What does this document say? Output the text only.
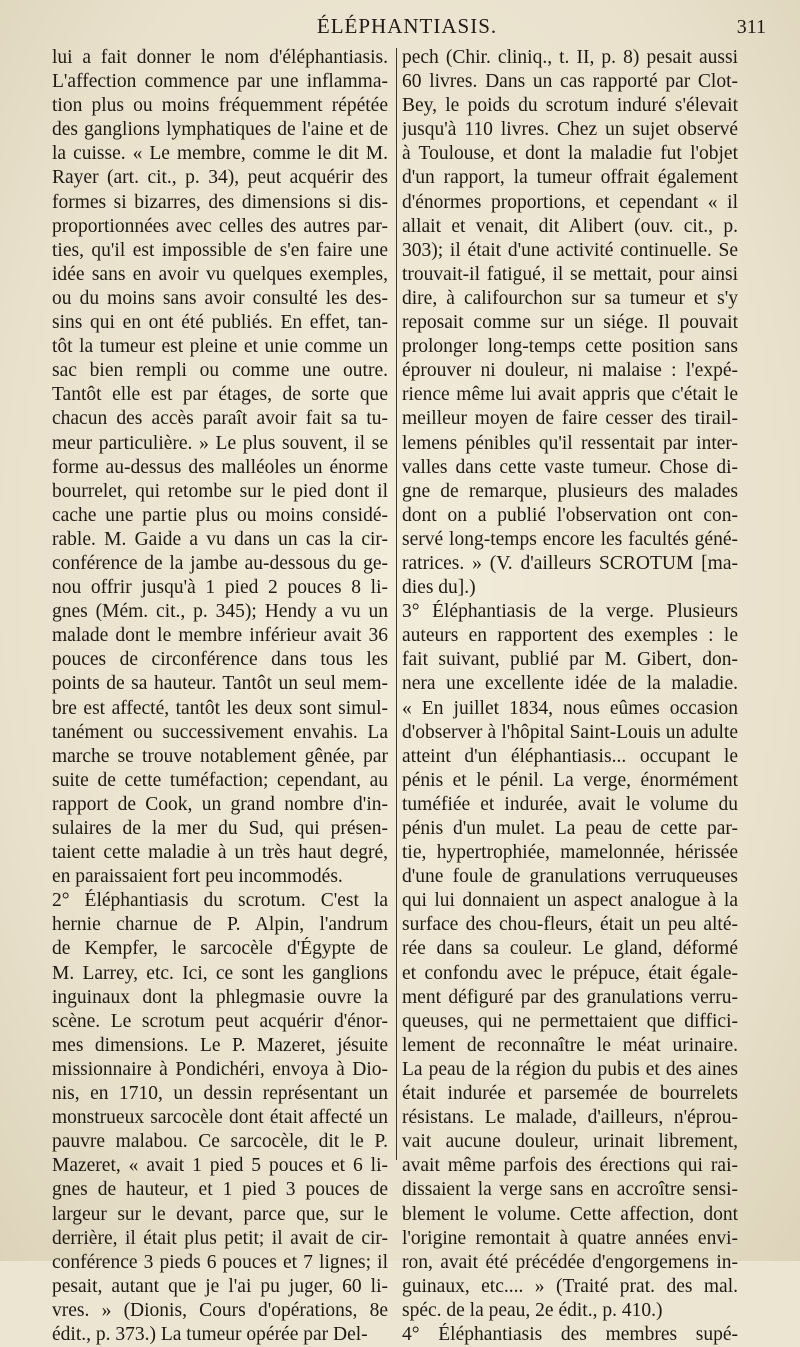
ÉLÉPHANTIASIS.	311
lui a fait donner le nom d'éléphantiasis.
L'affection commence par une inflamma-
tion plus ou moins fréquemment répétée
des ganglions lymphatiques de l'aine et de
la cuisse. « Le membre, comme le dit M.
Rayer (art. cit., p. 34), peut acquérir des
formes si bizarres, des dimensions si dis-
proportionnées avec celles des autres par-
ties, qu'il est impossible de s'en faire une
idée sans en avoir vu quelques exemples,
ou du moins sans avoir consulté les des-
sins qui en ont été publiés. En effet, tan-
tôt la tumeur est pleine et unie comme un
sac bien rempli ou comme une outre.
Tantôt elle est par étages, de sorte que
chacun des accès paraît avoir fait sa tu-
meur particulière. » Le plus souvent, il se
forme au-dessus des malléoles un énorme
bourrelet, qui retombe sur le pied dont il
cache une partie plus ou moins considé-
rable. M. Gaide a vu dans un cas la cir-
conférence de la jambe au-dessous du ge-
nou offrir jusqu'à 1 pied 2 pouces 8 li-
gnes (Mém. cit., p. 345); Hendy a vu un
malade dont le membre inférieur avait 36
pouces de circonférence dans tous les
points de sa hauteur. Tantôt un seul mem-
bre est affecté, tantôt les deux sont simul-
tanément ou successivement envahis. La
marche se trouve notablement gênée, par
suite de cette tuméfaction; cependant, au
rapport de Cook, un grand nombre d'in-
sulaires de la mer du Sud, qui présen-
taient cette maladie à un très haut degré,
en paraissaient fort peu incommodés.
2° Éléphantiasis du scrotum. C'est la
hernie charnue de P. Alpin, l'andrum
de Kempfer, le sarcocèle d'Égypte de
M. Larrey, etc. Ici, ce sont les ganglions
inguinaux dont la phlegmasie ouvre la
scène. Le scrotum peut acquérir d'énor-
mes dimensions. Le P. Mazeret, jésuite
missionnaire à Pondichéri, envoya à Dio-
nis, en 1710, un dessin représentant un
monstrueux sarcocèle dont était affecté un
pauvre malabou. Ce sarcocèle, dit le P.
Mazeret, « avait 1 pied 5 pouces et 6 li-
gnes de hauteur, et 1 pied 3 pouces de
largeur sur le devant, parce que, sur le
derrière, il était plus petit; il avait de cir-
conférence 3 pieds 6 pouces et 7 lignes; il
pesait, autant que je l'ai pu juger, 60 li-
vres. » (Dionis, Cours d'opérations, 8e
édit., p. 373.) La tumeur opérée par Del-
pech (Chir. cliniq., t. II, p. 8) pesait aussi
60 livres. Dans un cas rapporté par Clot-
Bey, le poids du scrotum induré s'élevait
jusqu'à 110 livres. Chez un sujet observé
à Toulouse, et dont la maladie fut l'objet
d'un rapport, la tumeur offrait également
d'énormes proportions, et cependant « il
allait et venait, dit Alibert (ouv. cit., p.
303); il était d'une activité continuelle. Se
trouvait-il fatigué, il se mettait, pour ainsi
dire, à califourchon sur sa tumeur et s'y
reposait comme sur un siége. Il pouvait
prolonger long-temps cette position sans
éprouver ni douleur, ni malaise : l'expé-
rience même lui avait appris que c'était le
meilleur moyen de faire cesser des tirail-
lemens pénibles qu'il ressentait par inter-
valles dans cette vaste tumeur. Chose di-
gne de remarque, plusieurs des malades
dont on a publié l'observation ont con-
servé long-temps encore les facultés géné-
ratrices. » (V. d'ailleurs SCROTUM [ma-
dies du].)
3° Éléphantiasis de la verge. Plusieurs
auteurs en rapportent des exemples : le
fait suivant, publié par M. Gibert, don-
nera une excellente idée de la maladie.
« En juillet 1834, nous eûmes occasion
d'observer à l'hôpital Saint-Louis un adulte
atteint d'un éléphantiasis... occupant le
pénis et le pénil. La verge, énormément
tuméfiée et indurée, avait le volume du
pénis d'un mulet. La peau de cette par-
tie, hypertrophiée, mamelonnée, hérissée
d'une foule de granulations verruqueuses
qui lui donnaient un aspect analogue à la
surface des chou-fleurs, était un peu alté-
rée dans sa couleur. Le gland, déformé
et confondu avec le prépuce, était égale-
ment défiguré par des granulations verru-
queuses, qui ne permettaient que diffici-
lement de reconnaître le méat urinaire.
La peau de la région du pubis et des aines
était indurée et parsemée de bourrelets
résistans. Le malade, d'ailleurs, n'éprou-
vait aucune douleur, urinait librement,
avait même parfois des érections qui rai-
dissaient la verge sans en accroître sensi-
blement le volume. Cette affection, dont
l'origine remontait à quatre années envi-
ron, avait été précédée d'engorgemens in-
guinaux, etc.... » (Traité prat. des mal.
spéc. de la peau, 2e édit., p. 410.)
4° Éléphantiasis des membres supé-
